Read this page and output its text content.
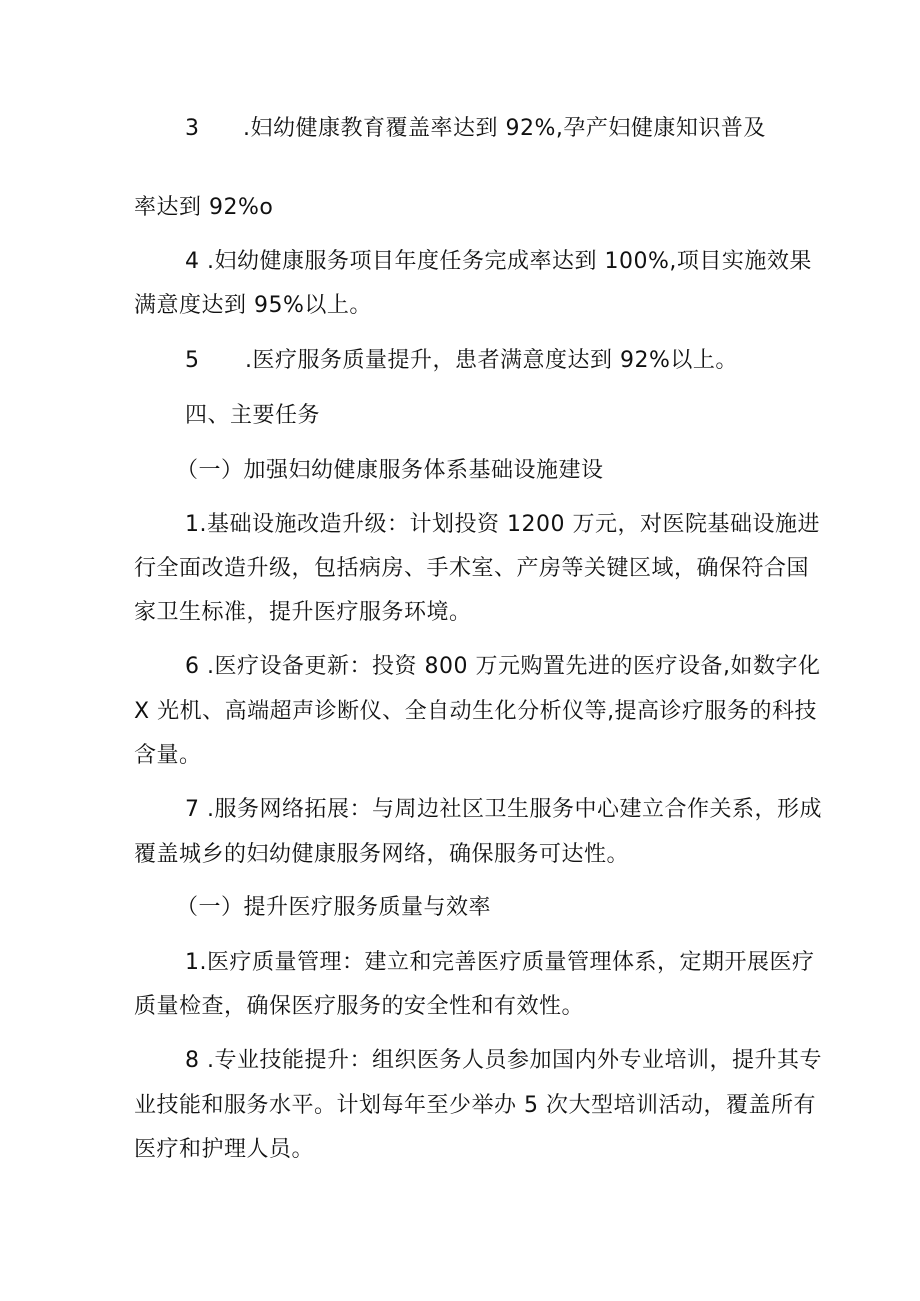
3 .妇幼健康教育覆盖率达到 92%,孕产妇健康知识普及
率达到 92%o
4 .妇幼健康服务项目年度任务完成率达到 100%,项目实施效果
满意度达到 95%以上。
5 .医疗服务质量提升，患者满意度达到 92%以上。
四、主要任务
（一）加强妇幼健康服务体系基础设施建设
1.基础设施改造升级：计划投资 1200 万元，对医院基础设施进
行全面改造升级，包括病房、手术室、产房等关键区域，确保符合国
家卫生标准，提升医疗服务环境。
6 .医疗设备更新：投资 800 万元购置先进的医疗设备,如数字化
X 光机、高端超声诊断仪、全自动生化分析仪等,提高诊疗服务的科技
含量。
7 .服务网络拓展：与周边社区卫生服务中心建立合作关系，形成
覆盖城乡的妇幼健康服务网络，确保服务可达性。
（一）提升医疗服务质量与效率
1.医疗质量管理：建立和完善医疗质量管理体系，定期开展医疗
质量检查，确保医疗服务的安全性和有效性。
8 .专业技能提升：组织医务人员参加国内外专业培训，提升其专
业技能和服务水平。计划每年至少举办 5 次大型培训活动，覆盖所有
医疗和护理人员。
